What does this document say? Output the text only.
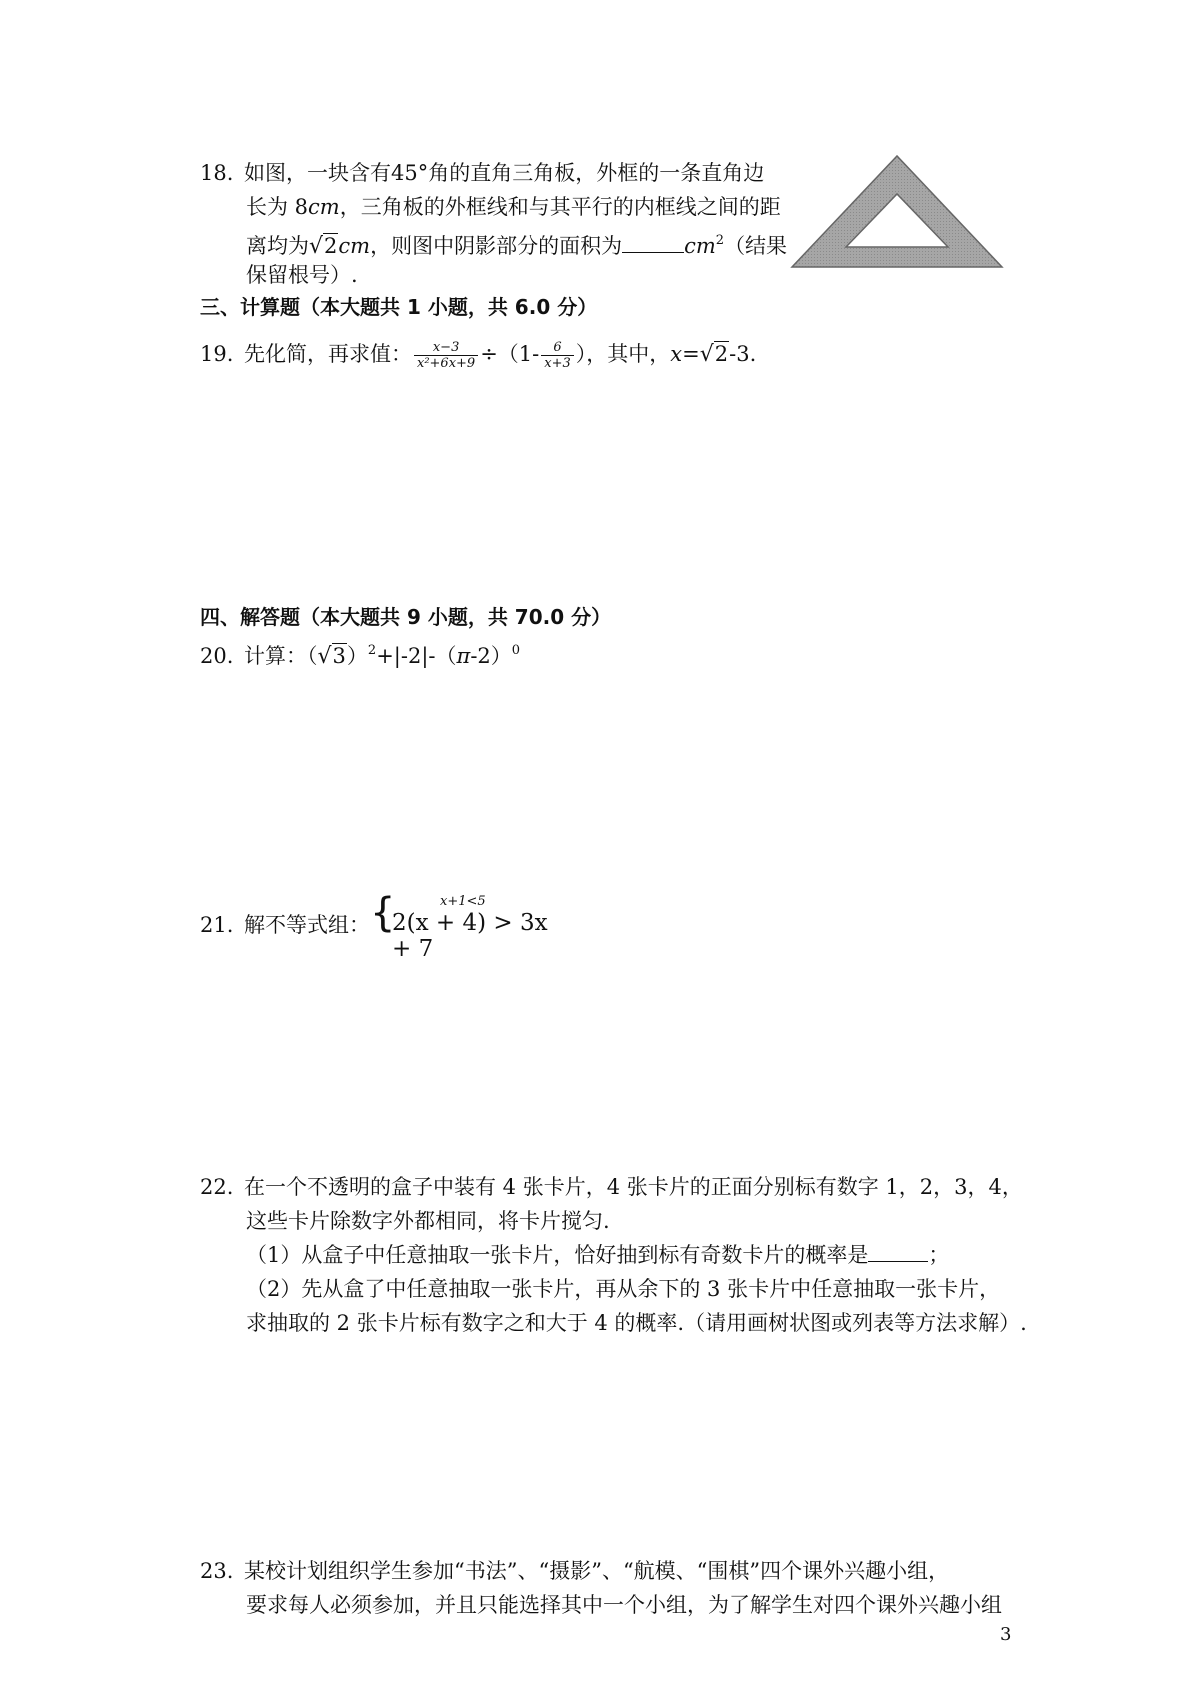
18. 如图，一块含有45°角的直角三角板，外框的一条直角边
长为 8cm，三角板的外框线和与其平行的内框线之间的距
离均为√2cm，则图中阴影部分的面积为	$cm^2$（结果
保留根号）.
三、计算题（本大题共 1 小题，共 6.0 分）
19. 先化简，再求值： $\frac{x-3}{\text{x²+6x+9}} \div(1- \frac{6}{x+3}$ ），其中，x=√2-3.
四、解答题（本大题共 9 小题，共 70.0 分）
20. 计算：$(√3)^2+|-2|-(\pi-2)^0$
21. 解不等式组： {	x+1<5
2(x + 4) > 3x + 7
22. 在一个不透明的盒子中装有 4 张卡片，4 张卡片的正面分别标有数字 1，2，3，4，
这些卡片除数字外都相同，将卡片搅匀.
（1）从盒子中任意抽取一张卡片，恰好抽到标有奇数卡片的概率是	；
（2）先从盒了中任意抽取一张卡片，再从余下的 3 张卡片中任意抽取一张卡片，
求抽取的 2 张卡片标有数字之和大于 4 的概率.（请用画树状图或列表等方法求解）.
23. 某校计划组织学生参加“书法”、“摄影”、“航模、“围棋”四个课外兴趣小组，
要求每人必须参加，并且只能选择其中一个小组，为了解学生对四个课外兴趣小组
3
